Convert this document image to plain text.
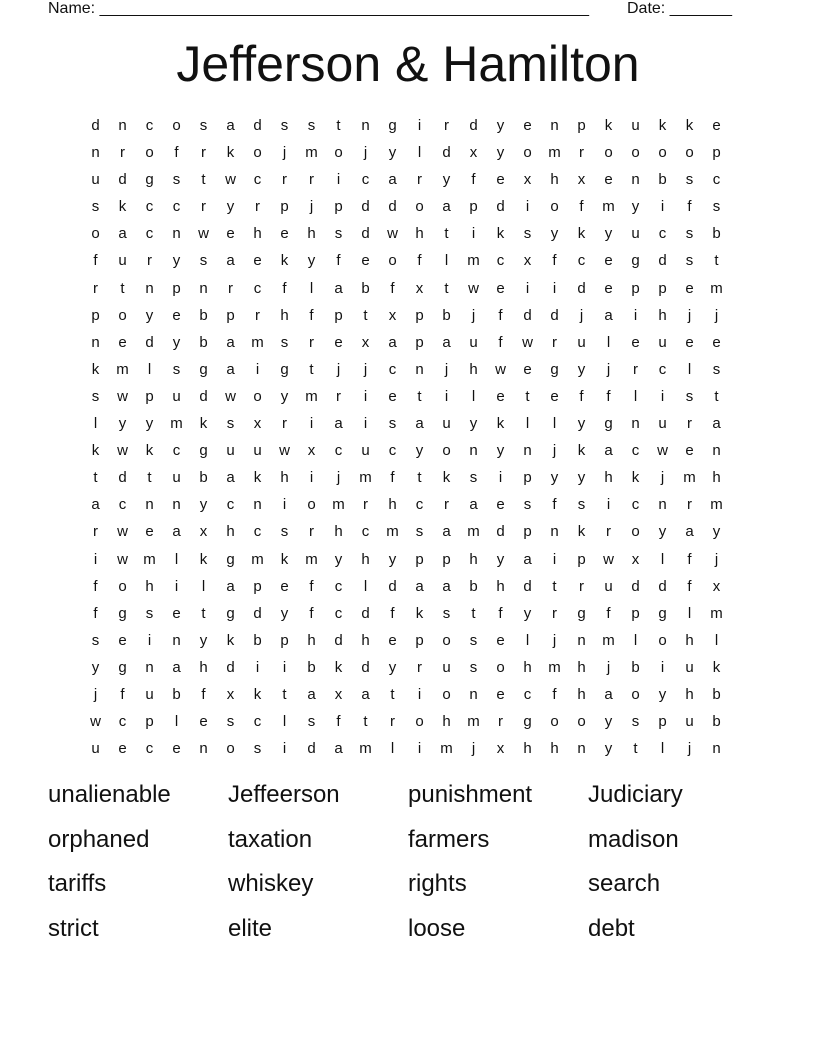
Name: _______________________________________________________ Date: _______
Jefferson & Hamilton
d	n	c	o	s	a	d	s	s	t	n	g	i	r	d	y	e	n	p	k	u	k	k	e
n	r	o	f	r	k	o	j	m	o	j	y	l	d	x	y	o	m	r	o	o	o	o	p
u	d	g	s	t	w	c	r	r	i	c	a	r	y	f	e	x	h	x	e	n	b	s	c
s	k	c	c	r	y	r	p	j	p	d	d	o	a	p	d	i	o	f	m	y	i	f	s
o	a	c	n	w	e	h	e	h	s	d	w	h	t	i	k	s	y	k	y	u	c	s	b
f	u	r	y	s	a	e	k	y	f	e	o	f	l	m	c	x	f	c	e	g	d	s	t
r	t	n	p	n	r	c	f	l	a	b	f	x	t	w	e	i	i	d	e	p	p	e	m
p	o	y	e	b	p	r	h	f	p	t	x	p	b	j	f	d	d	j	a	i	h	j	j
n	e	d	y	b	a	m	s	r	e	x	a	p	a	u	f	w	r	u	l	e	u	e	e
k	m	l	s	g	a	i	g	t	j	j	c	n	j	h	w	e	g	y	j	r	c	l	s
s	w	p	u	d	w	o	y	m	r	i	e	t	i	l	e	t	e	f	f	l	i	s	t
l	y	y	m	k	s	x	r	i	a	i	s	a	u	y	k	l	l	y	g	n	u	r	a
k	w	k	c	g	u	u	w	x	c	u	c	y	o	n	y	n	j	k	a	c	w	e	n
t	d	t	u	b	a	k	h	i	j	m	f	t	k	s	i	p	y	y	h	k	j	m	h
a	c	n	n	y	c	n	i	o	m	r	h	c	r	a	e	s	f	s	i	c	n	r	m
r	w	e	a	x	h	c	s	r	h	c	m	s	a	m	d	p	n	k	r	o	y	a	y
i	w	m	l	k	g	m	k	m	y	h	y	p	p	h	y	a	i	p	w	x	l	f	j
f	o	h	i	l	a	p	e	f	c	l	d	a	a	b	h	d	t	r	u	d	d	f	x
f	g	s	e	t	g	d	y	f	c	d	f	k	s	t	f	y	r	g	f	p	g	l	m
s	e	i	n	y	k	b	p	h	d	h	e	p	o	s	e	l	j	n	m	l	o	h	l
y	g	n	a	h	d	i	i	b	k	d	y	r	u	s	o	h	m	h	j	b	i	u	k
j	f	u	b	f	x	k	t	a	x	a	t	i	o	n	e	c	f	h	a	o	y	h	b
w	c	p	l	e	s	c	l	s	f	t	r	o	h	m	r	g	o	o	y	s	p	u	b
u	e	c	e	n	o	s	i	d	a	m	l	i	m	j	x	h	h	n	y	t	l	j	n
unalienable	Jeffeerson	punishment	Judiciary
orphaned	taxation	farmers	madison
tariffs	whiskey	rights	search
strict	elite	loose	debt
